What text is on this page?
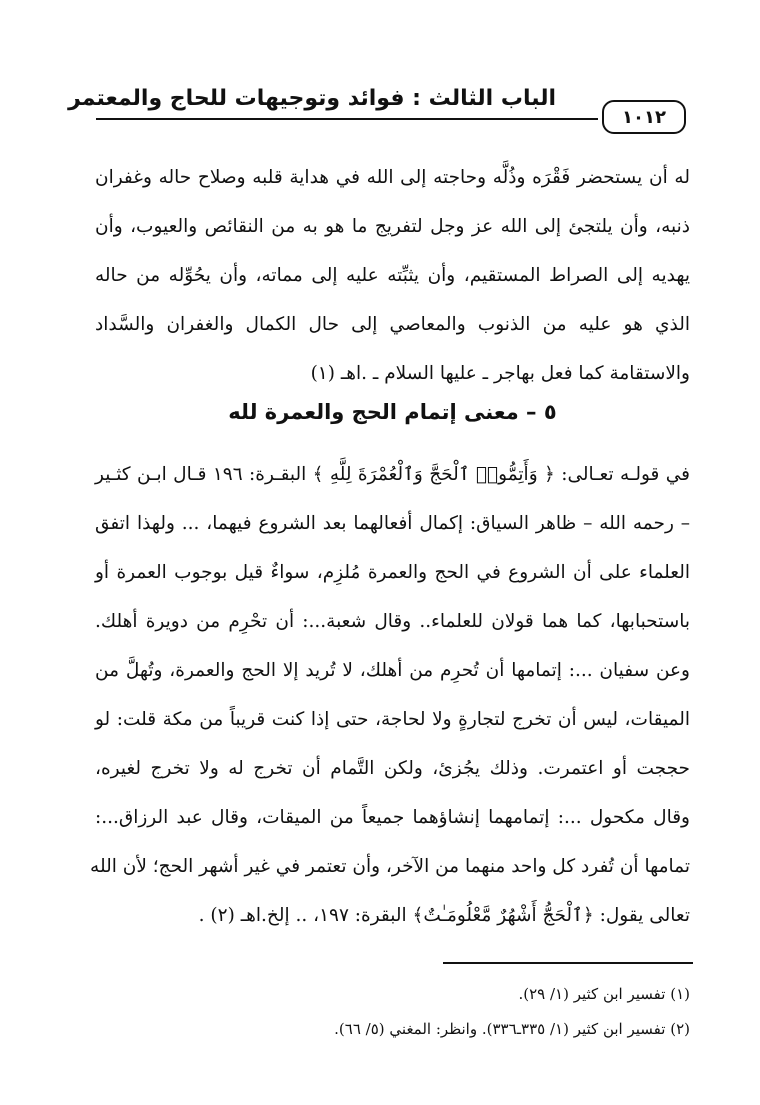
الباب الثالث : فوائد وتوجيهات للحاج والمعتمر
١٠١٢
له أن يستحضر فَقْرَه وذُلَّه وحاجته إلى الله في هداية قلبه وصلاح حاله وغفران
ذنبه، وأن يلتجئ إلى الله عز وجل لتفريج ما هو به من النقائص والعيوب، وأن
يهديه إلى الصراط المستقيم، وأن يثبِّته عليه إلى مماته، وأن يحُوِّله من حاله
الذي هو عليه من الذنوب والمعاصي إلى حال الكمال والغفران والسَّداد
والاستقامة كما فعل بهاجر ـ عليها السلام ـ .اهـ (١)
٥ – معنى إتمام الحج والعمرة لله
في قولـه تعـالى: ﴿ وَأَتِمُّوا۟ ٱلْحَجَّ وَٱلْعُمْرَةَ لِلَّهِ ﴾ البقـرة: ١٩٦ قـال ابـن كثـير
– رحمه الله – ظاهر السياق: إكمال أفعالهما بعد الشروع فيهما، ... ولهذا اتفق
العلماء على أن الشروع في الحج والعمرة مُلزِم، سواءٌ قيل بوجوب العمرة أو
باستحبابها، كما هما قولان للعلماء.. وقال شعبة...: أن تحْرِم من دويرة أهلك.
وعن سفيان ...: إتمامها أن تُحرِم من أهلك، لا تُريد إلا الحج والعمرة، وتُهلَّ من
الميقات، ليس أن تخرج لتجارةٍ ولا لحاجة، حتى إذا كنت قريباً من مكة قلت: لو
حججت أو اعتمرت. وذلك يجُزئ، ولكن التَّمام أن تخرج له ولا تخرج لغيره،
وقال مكحول ...: إتمامهما إنشاؤهما جميعاً من الميقات، وقال عبد الرزاق...:
تمامها أن تُفرد كل واحد منهما من الآخر، وأن تعتمر في غير أشهر الحج؛ لأن الله
تعالى يقول: ﴿ٱلْحَجُّ أَشْهُرٌ مَّعْلُومَـٰتٌ﴾ البقرة: ١٩٧، .. إلخ.اهـ (٢) .
(١) تفسير ابن كثير (١/ ٢٩).
(٢) تفسير ابن كثير (١/ ٣٣٥ـ٣٣٦). وانظر: المغني (٥/ ٦٦).
